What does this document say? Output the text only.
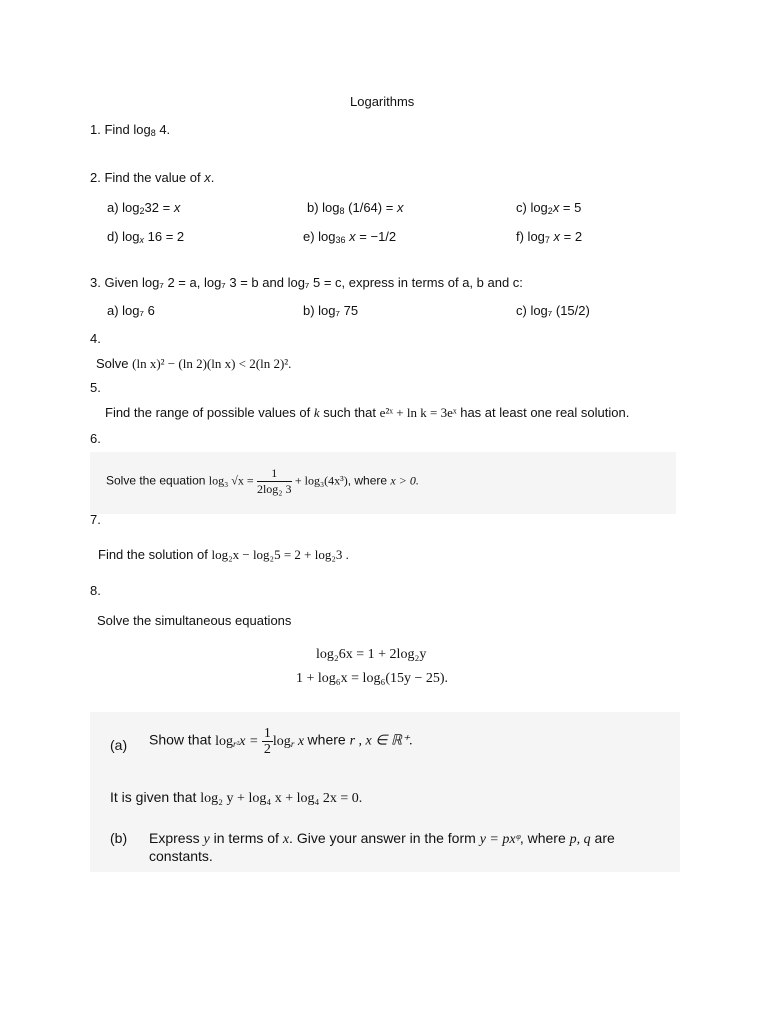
Logarithms
1. Find $\log_8 4$.
2. Find the value of x.
a) $\log_232 = x$	b) $\log_8 (1/64) = x$	c) $\log_2x = 5$
d) $\log_x 16 = 2$	e) $\log_{36} x = -1/2$	f) $\log_7 x = 2$
3. Given log₇ 2 = a, log₇ 3 = b and log₇ 5 = c, express in terms of a, b and c:
a) log₇ 6	b) log₇ 75	c) log₇ (15/2)
4.
Solve (ln x)² − (ln 2)(ln x) < 2(ln 2)².
5.
Find the range of possible values of k such that e²ˣ + ln k = 3eˣ has at least one real solution.
6.
Solve the equation log₃ $√x = \frac{1}{\text{2log₂ 3}} + \log_3(4x^3)$, where x > 0.
7.
Find the solution of log₂x − log₂5 = 2 + log₂3 .
8.
Solve the simultaneous equations
log₂6x = 1 + 2log₂y
1 + log₆x = log₆(15y − 25).
(a) Show that $\log_{r^2}x = \frac{1}{2} \log_r x$ where r , x ∈ ℝ⁺.
It is given that log₂ y + log₄ x + log₄ 2x = 0.
(b) Express y in terms of x. Give your answer in the form y = pxᵠ, where p, q are
constants.
